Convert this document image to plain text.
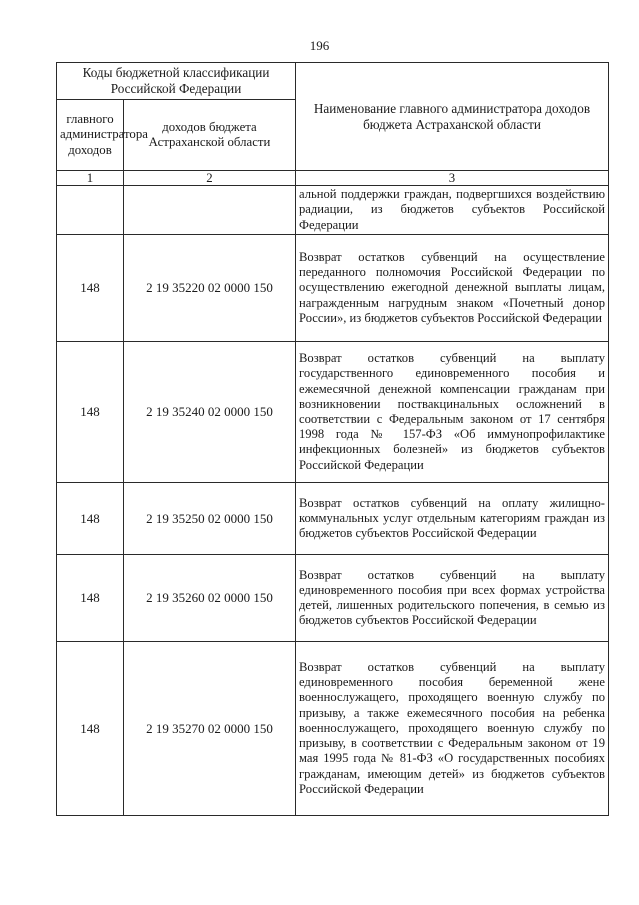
196
Коды бюджетной классификации Российской Федерации		Наименование главного администратора доходов бюджета Астраханской области
главного администратора доходов	доходов бюджета Астраханской области	
1	2	3
		альной поддержки граждан, подвергшихся воздействию радиации, из бюджетов субъектов Российской Федерации
148	2 19 35220 02 0000 150	Возврат остатков субвенций на осуществление переданного полномочия Российской Федерации по осуществлению ежегодной денежной выплаты лицам, награжденным нагрудным знаком «Почетный донор России», из бюджетов субъектов Российской Федерации
148	2 19 35240 02 0000 150	Возврат остатков субвенций на выплату государственного единовременного пособия и ежемесячной денежной компенсации гражданам при возникновении поствакцинальных осложнений в соответствии с Федеральным законом от 17 сентября 1998 года № 157-ФЗ «Об иммунопрофилактике инфекционных болезней» из бюджетов субъектов Российской Федерации
148	2 19 35250 02 0000 150	Возврат остатков субвенций на оплату жилищно-коммунальных услуг отдельным категориям граждан из бюджетов субъектов Российской Федерации
148	2 19 35260 02 0000 150	Возврат остатков субвенций на выплату единовременного пособия при всех формах устройства детей, лишенных родительского попечения, в семью из бюджетов субъектов Российской Федерации
148	2 19 35270 02 0000 150	Возврат остатков субвенций на выплату единовременного пособия беременной жене военнослужащего, проходящего военную службу по призыву, а также ежемесячного пособия на ребенка военнослужащего, проходящего военную службу по призыву, в соответствии с Федеральным законом от 19 мая 1995 года № 81-ФЗ «О государственных пособиях гражданам, имеющим детей» из бюджетов субъектов Российской Федерации
